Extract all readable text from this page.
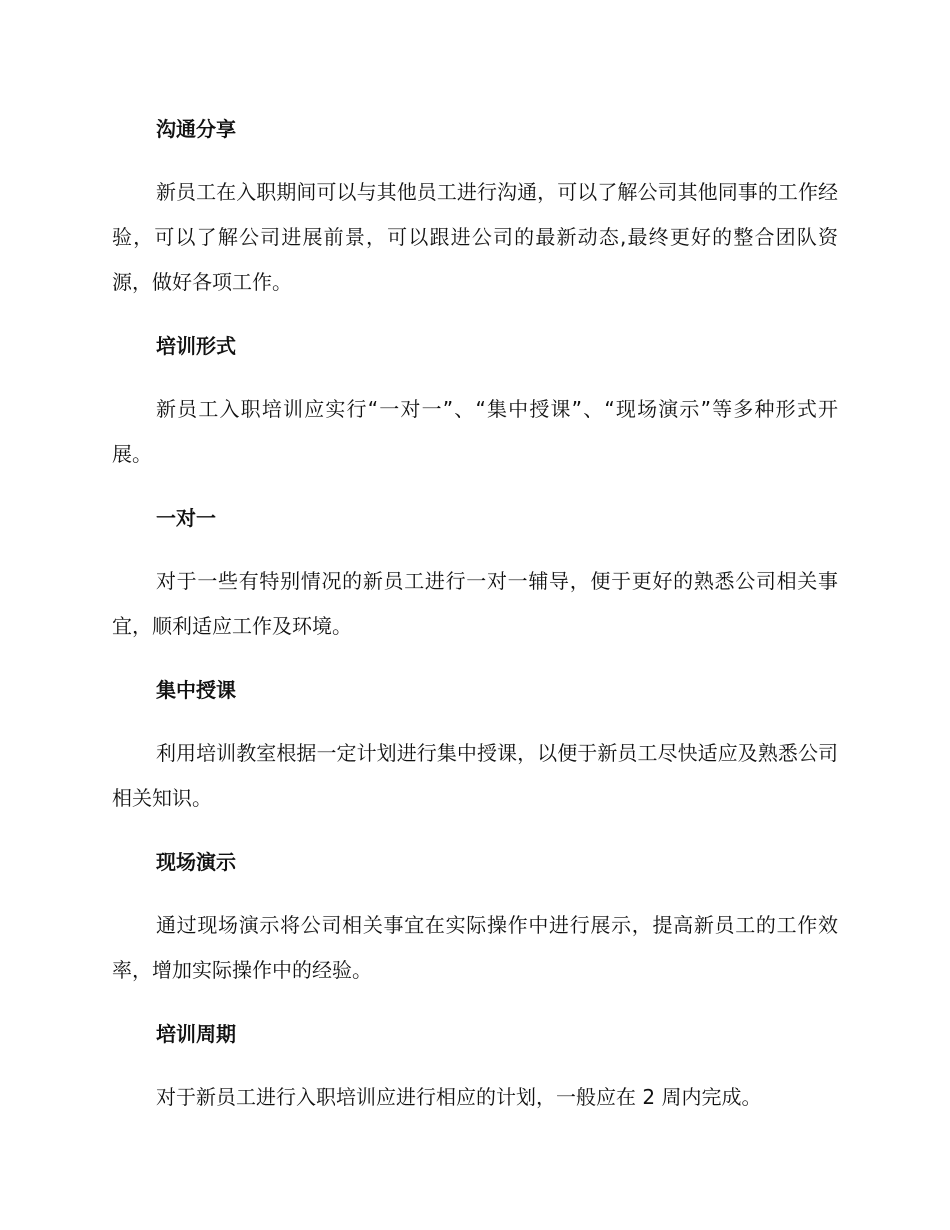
沟通分享

新员工在入职期间可以与其他员工进行沟通，可以了解公司其他同事的工作经验，可以了解公司进展前景，可以跟进公司的最新动态,最终更好的整合团队资源，做好各项工作。

培训形式

新员工入职培训应实行“一对一”、“集中授课”、“现场演示”等多种形式开展。

一对一

对于一些有特别情况的新员工进行一对一辅导，便于更好的熟悉公司相关事宜，顺利适应工作及环境。

集中授课

利用培训教室根据一定计划进行集中授课，以便于新员工尽快适应及熟悉公司相关知识。

现场演示

通过现场演示将公司相关事宜在实际操作中进行展示，提高新员工的工作效率，增加实际操作中的经验。

培训周期

对于新员工进行入职培训应进行相应的计划，一般应在 2 周内完成。
